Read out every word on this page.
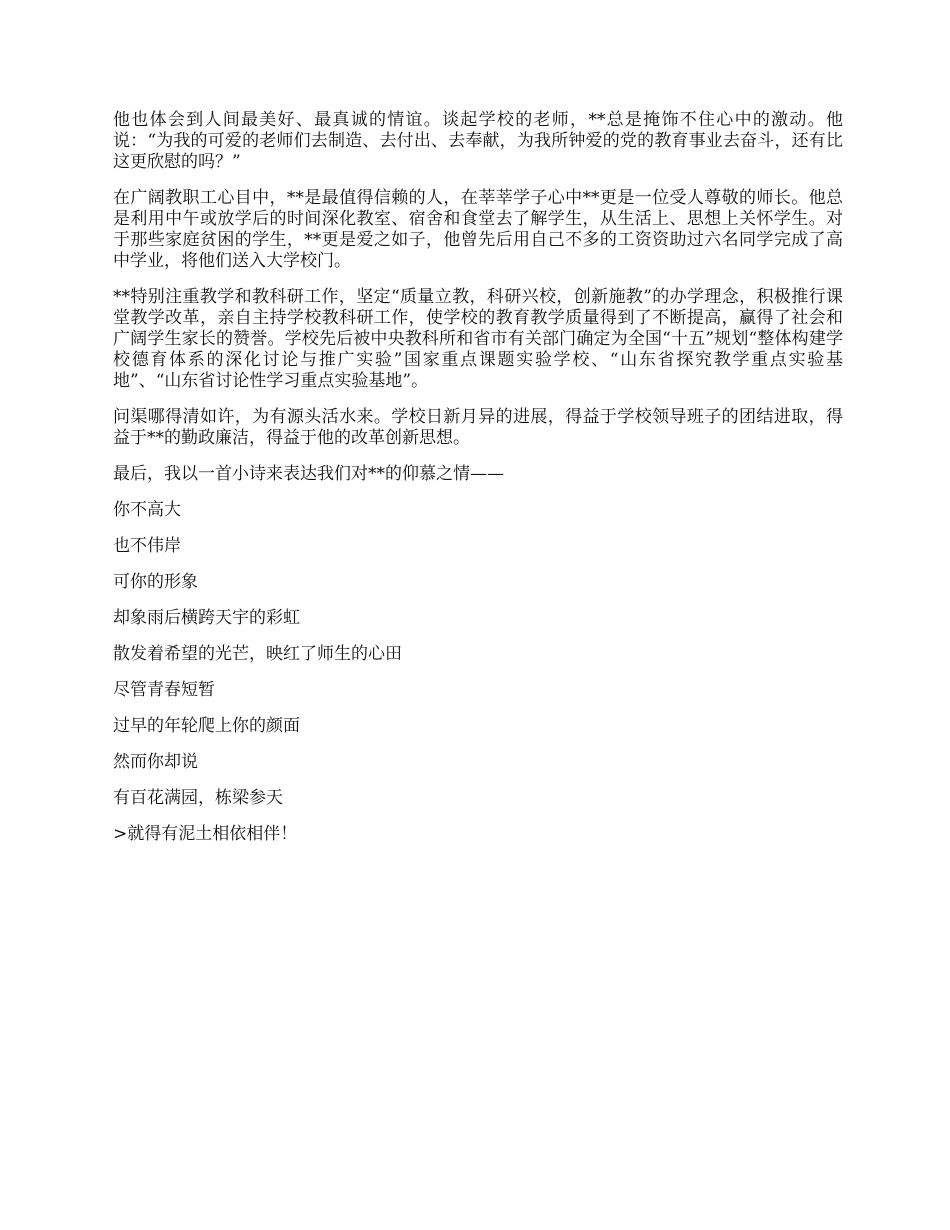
他也体会到人间最美好、最真诚的情谊。谈起学校的老师，**总是掩饰不住心中的激动。他说：“为我的可爱的老师们去制造、去付出、去奉献，为我所钟爱的党的教育事业去奋斗，还有比这更欣慰的吗？”

在广阔教职工心目中，**是最值得信赖的人，在莘莘学子心中**更是一位受人尊敬的师长。他总是利用中午或放学后的时间深化教室、宿舍和食堂去了解学生，从生活上、思想上关怀学生。对于那些家庭贫困的学生，**更是爱之如子，他曾先后用自己不多的工资资助过六名同学完成了高中学业，将他们送入大学校门。

**特别注重教学和教科研工作，坚定“质量立教，科研兴校，创新施教”的办学理念，积极推行课堂教学改革，亲自主持学校教科研工作，使学校的教育教学质量得到了不断提高，赢得了社会和广阔学生家长的赞誉。学校先后被中央教科所和省市有关部门确定为全国“十五”规划“整体构建学校德育体系的深化讨论与推广实验”国家重点课题实验学校、“山东省探究教学重点实验基地”、“山东省讨论性学习重点实验基地”。

问渠哪得清如许，为有源头活水来。学校日新月异的进展，得益于学校领导班子的团结进取，得益于**的勤政廉洁，得益于他的改革创新思想。

最后，我以一首小诗来表达我们对**的仰慕之情——

你不高大

也不伟岸

可你的形象

却象雨后横跨天宇的彩虹

散发着希望的光芒，映红了师生的心田

尽管青春短暂

过早的年轮爬上你的颜面

然而你却说

有百花满园，栋梁参天

>就得有泥土相依相伴！
